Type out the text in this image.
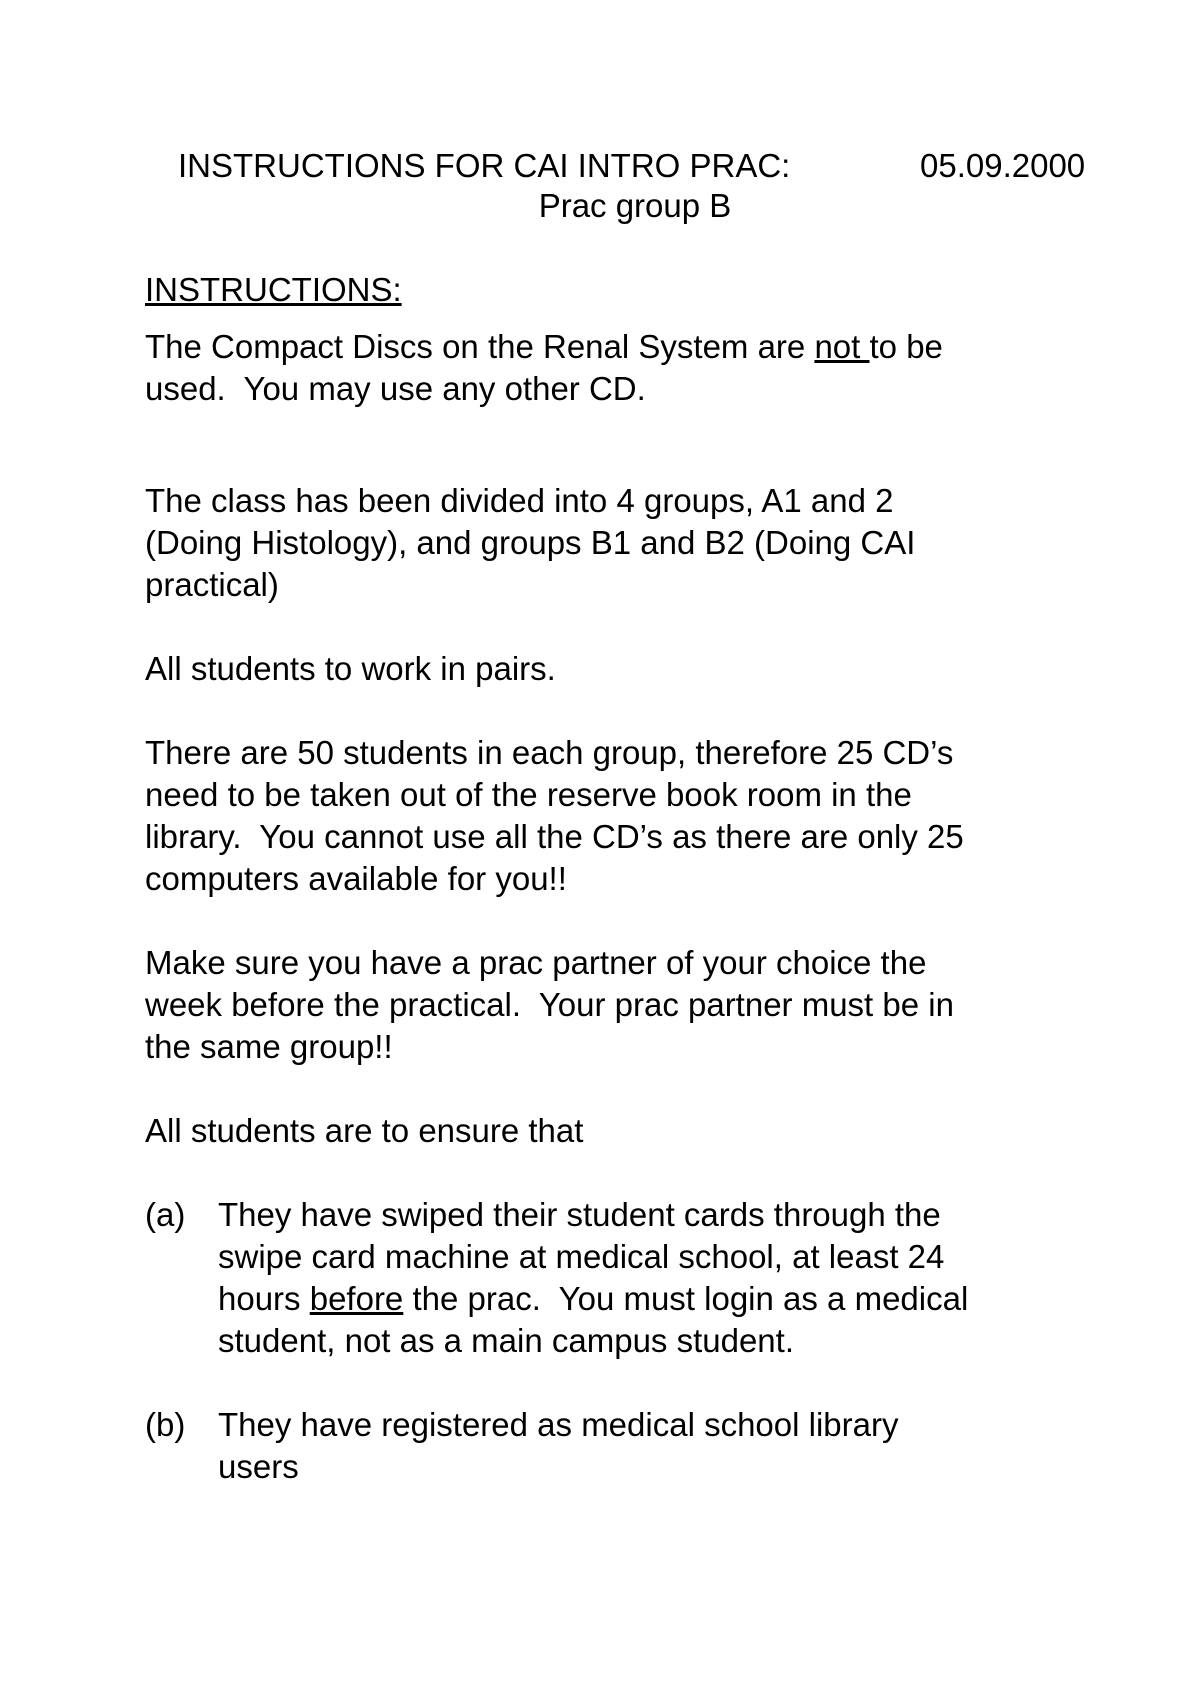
INSTRUCTIONS FOR CAI INTRO PRAC:	05.09.2000
Prac group B
INSTRUCTIONS:
The Compact Discs on the Renal System are not to be
used.  You may use any other CD.
The class has been divided into 4 groups, A1 and 2
(Doing Histology), and groups B1 and B2 (Doing CAI
practical)
All students to work in pairs.
There are 50 students in each group, therefore 25 CD’s
need to be taken out of the reserve book room in the
library.  You cannot use all the CD’s as there are only 25
computers available for you!!
Make sure you have a prac partner of your choice the
week before the practical.  Your prac partner must be in
the same group!!
All students are to ensure that
(a) They have swiped their student cards through the
swipe card machine at medical school, at least 24
hours before the prac.  You must login as a medical
student, not as a main campus student.
(b) They have registered as medical school library
users
